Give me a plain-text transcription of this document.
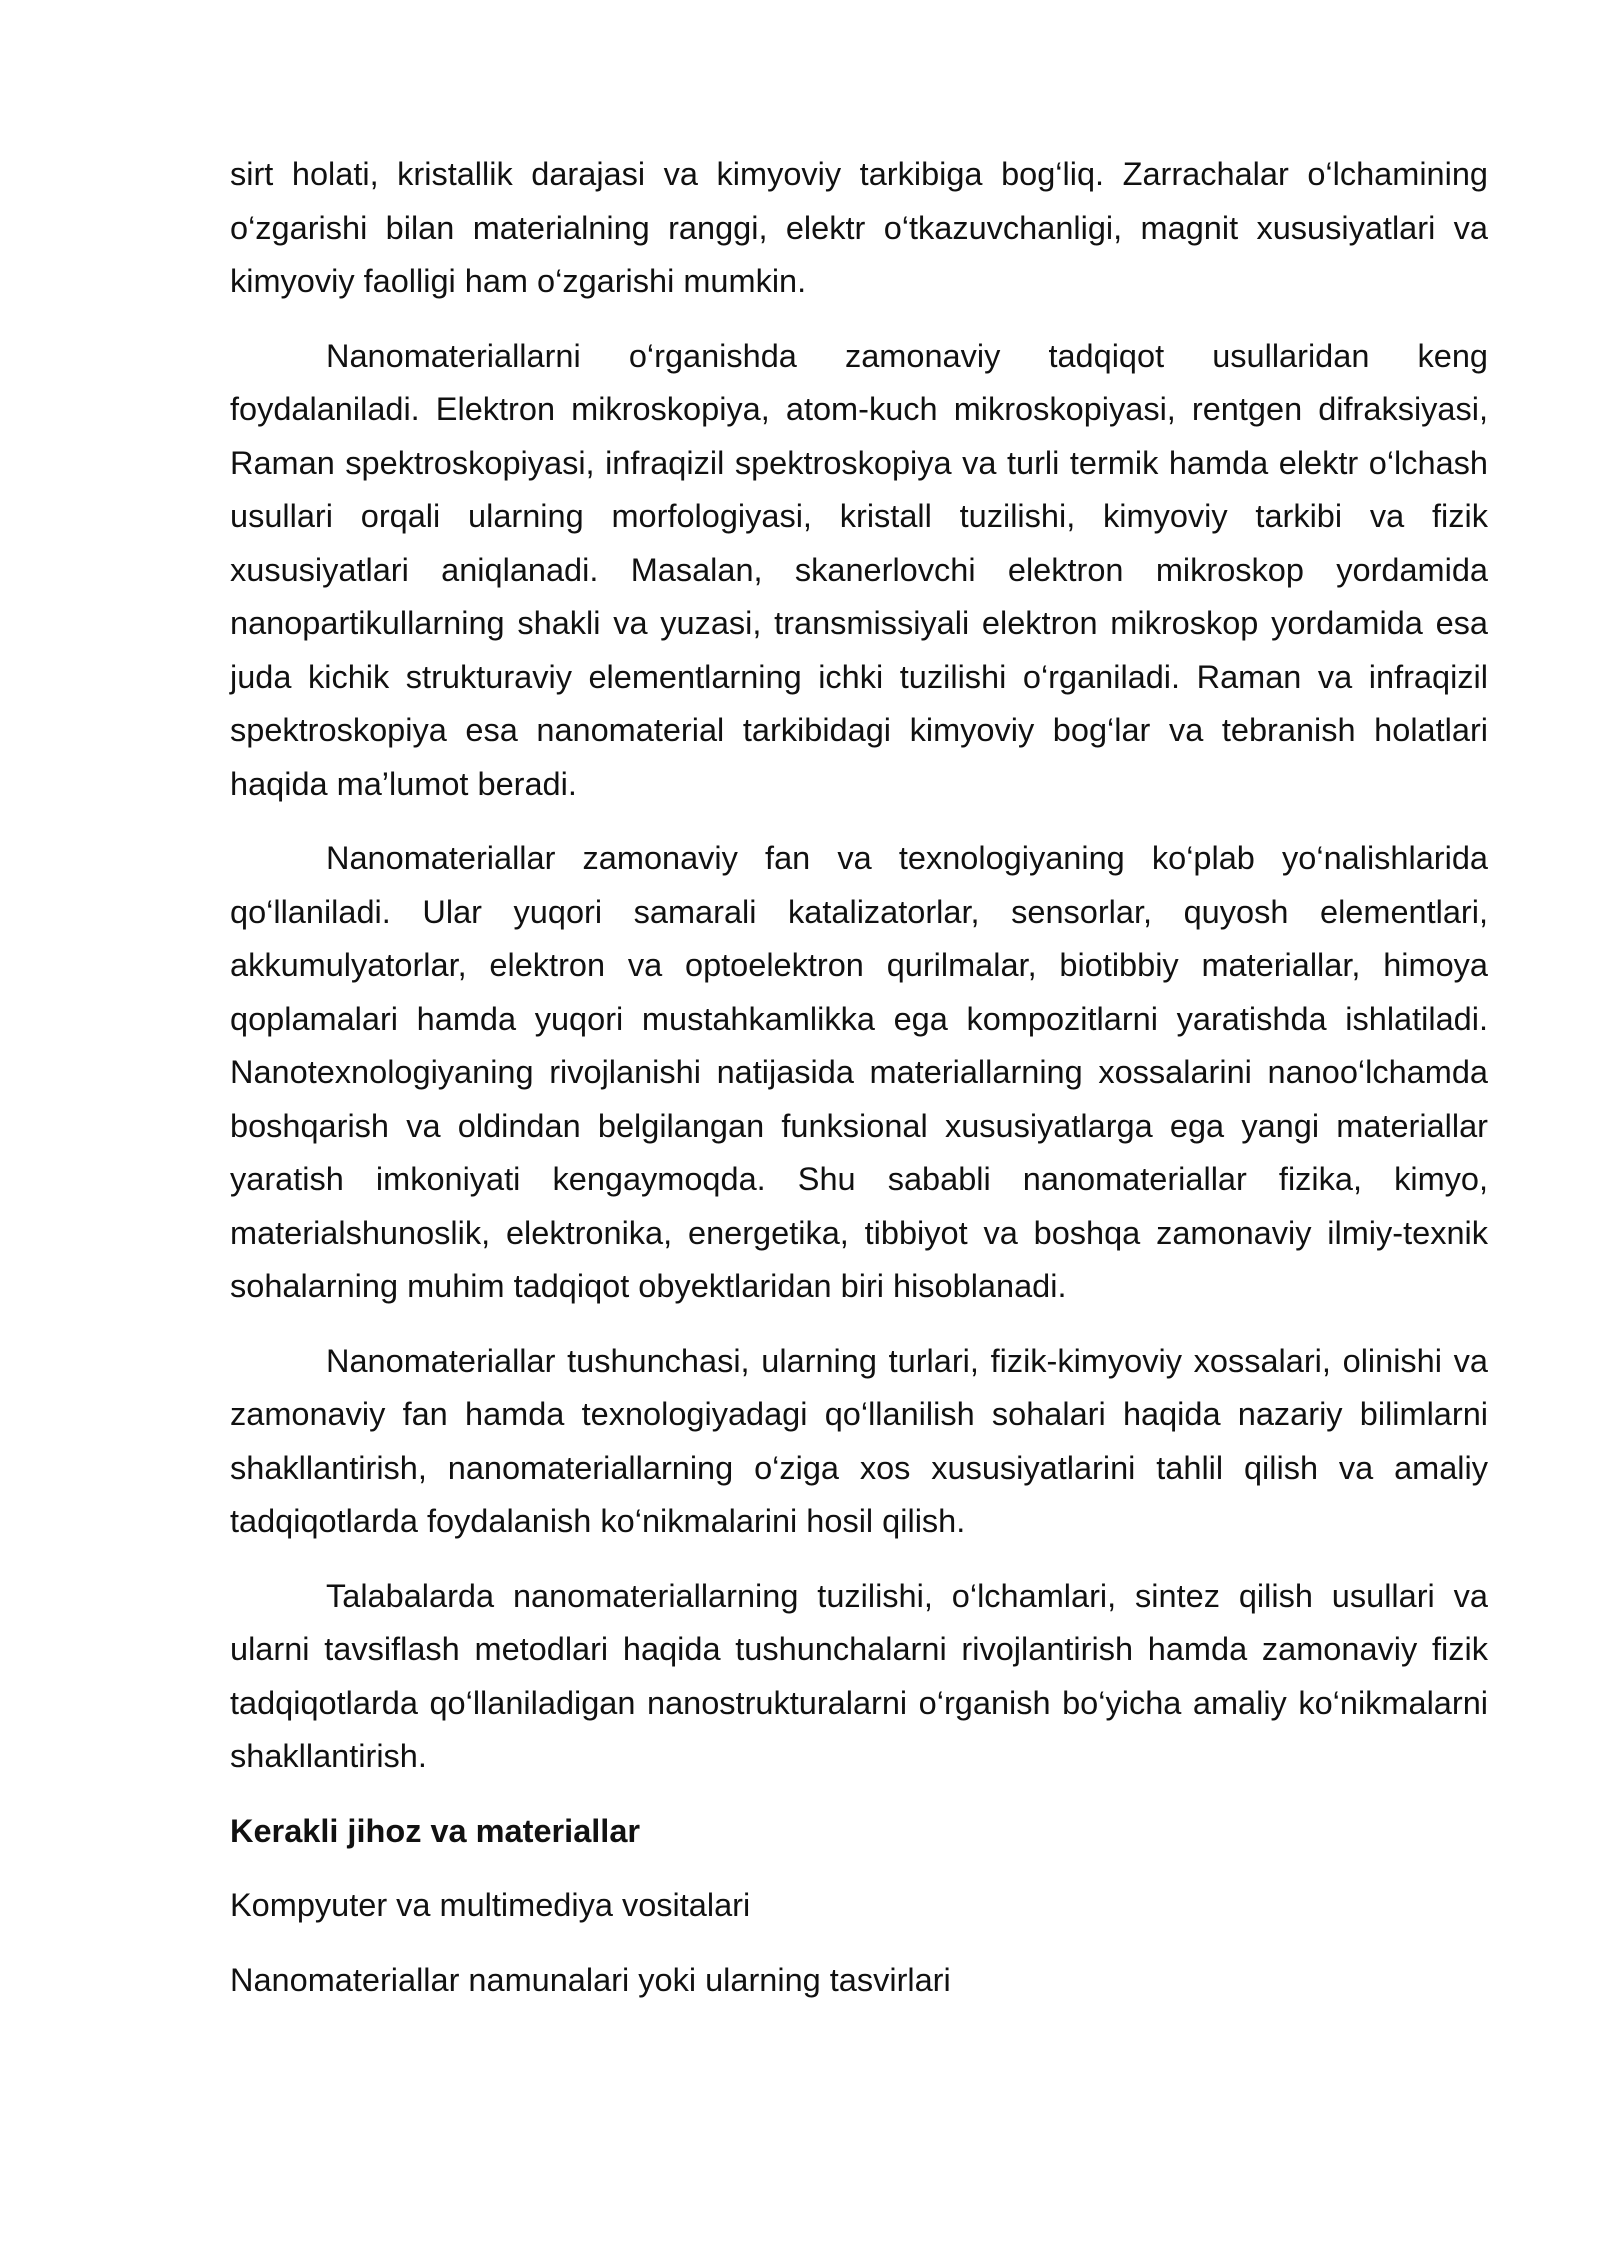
sirt holati, kristallik darajasi va kimyoviy tarkibiga bog‘liq. Zarrachalar o‘lchamining o‘zgarishi bilan materialning ranggi, elektr o‘tkazuvchanligi, magnit xususiyatlari va kimyoviy faolligi ham o‘zgarishi mumkin.

Nanomateriallarni o‘rganishda zamonaviy tadqiqot usullaridan keng foydalaniladi. Elektron mikroskopiya, atom-kuch mikroskopiyasi, rentgen difraksiyasi, Raman spektroskopiyasi, infraqizil spektroskopiya va turli termik hamda elektr o‘lchash usullari orqali ularning morfologiyasi, kristall tuzilishi, kimyoviy tarkibi va fizik xususiyatlari aniqlanadi. Masalan, skanerlovchi elektron mikroskop yordamida nanopartikullarning shakli va yuzasi, transmissiyali elektron mikroskop yordamida esa juda kichik strukturaviy elementlarning ichki tuzilishi o‘rganiladi. Raman va infraqizil spektroskopiya esa nanomaterial tarkibidagi kimyoviy bog‘lar va tebranish holatlari haqida ma’lumot beradi.

Nanomateriallar zamonaviy fan va texnologiyaning ko‘plab yo‘nalishlarida qo‘llaniladi. Ular yuqori samarali katalizatorlar, sensorlar, quyosh elementlari, akkumulyatorlar, elektron va optoelektron qurilmalar, biotibbiy materiallar, himoya qoplamalari hamda yuqori mustahkamlikka ega kompozitlarni yaratishda ishlatiladi. Nanotexnologiyaning rivojlanishi natijasida materiallarning xossalarini nanoo‘lchamda boshqarish va oldindan belgilangan funksional xususiyatlarga ega yangi materiallar yaratish imkoniyati kengaymoqda. Shu sababli nanomateriallar fizika, kimyo, materialshunoslik, elektronika, energetika, tibbiyot va boshqa zamonaviy ilmiy-texnik sohalarning muhim tadqiqot obyektlaridan biri hisoblanadi.

Nanomateriallar tushunchasi, ularning turlari, fizik-kimyoviy xossalari, olinishi va zamonaviy fan hamda texnologiyadagi qo‘llanilish sohalari haqida nazariy bilimlarni shakllantirish, nanomateriallarning o‘ziga xos xususiyatlarini tahlil qilish va amaliy tadqiqotlarda foydalanish ko‘nikmalarini hosil qilish.

Talabalarda nanomateriallarning tuzilishi, o‘lchamlari, sintez qilish usullari va ularni tavsiflash metodlari haqida tushunchalarni rivojlantirish hamda zamonaviy fizik tadqiqotlarda qo‘llaniladigan nanostrukturalarni o‘rganish bo‘yicha amaliy ko‘nikmalarni shakllantirish.

Kerakli jihoz va materiallar

Kompyuter va multimediya vositalari

Nanomateriallar namunalari yoki ularning tasvirlari
